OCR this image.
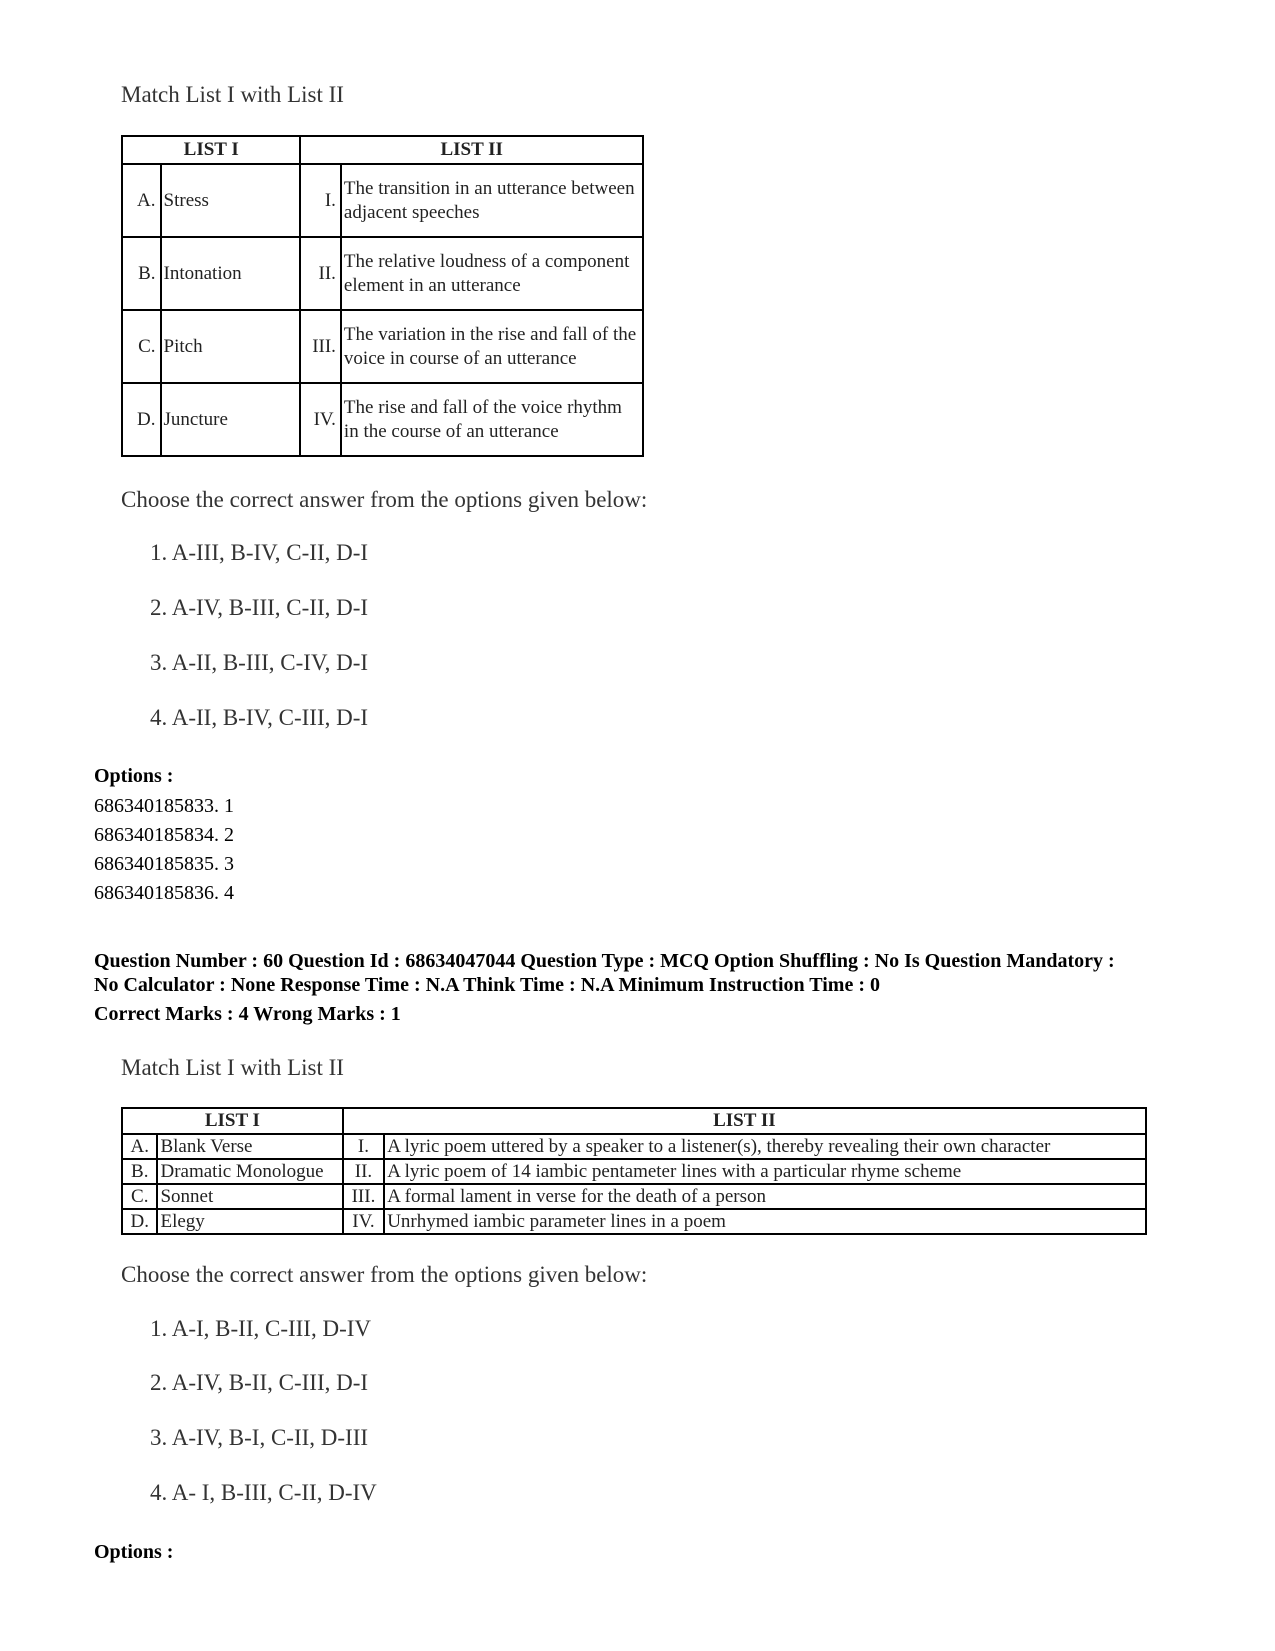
Match List I with List II
LIST I		LIST II	
A.	Stress	I.	The transition in an utterance between adjacent speeches
B.	Intonation	II.	The relative loudness of a component element in an utterance
C.	Pitch	III.	The variation in the rise and fall of the voice in course of an utterance
D.	Juncture	IV.	The rise and fall of the voice rhythm in the course of an utterance
Choose the correct answer from the options given below:
1. A-III, B-IV, C-II, D-I
2. A-IV, B-III, C-II, D-I
3. A-II, B-III, C-IV, D-I
4. A-II, B-IV, C-III, D-I
Options :
686340185833. 1
686340185834. 2
686340185835. 3
686340185836. 4
Question Number : 60 Question Id : 68634047044 Question Type : MCQ Option Shuffling : No Is Question Mandatory :
No Calculator : None Response Time : N.A Think Time : N.A Minimum Instruction Time : 0
Correct Marks : 4 Wrong Marks : 1
Match List I with List II
LIST I		LIST II	
A.	Blank Verse	I.	A lyric poem uttered by a speaker to a listener(s), thereby revealing their own character
B.	Dramatic Monologue	II.	A lyric poem of 14 iambic pentameter lines with a particular rhyme scheme
C.	Sonnet	III.	A formal lament in verse for the death of a person
D.	Elegy	IV.	Unrhymed iambic parameter lines in a poem
Choose the correct answer from the options given below:
1. A-I, B-II, C-III, D-IV
2. A-IV, B-II, C-III, D-I
3. A-IV, B-I, C-II, D-III
4. A- I, B-III, C-II, D-IV
Options :
